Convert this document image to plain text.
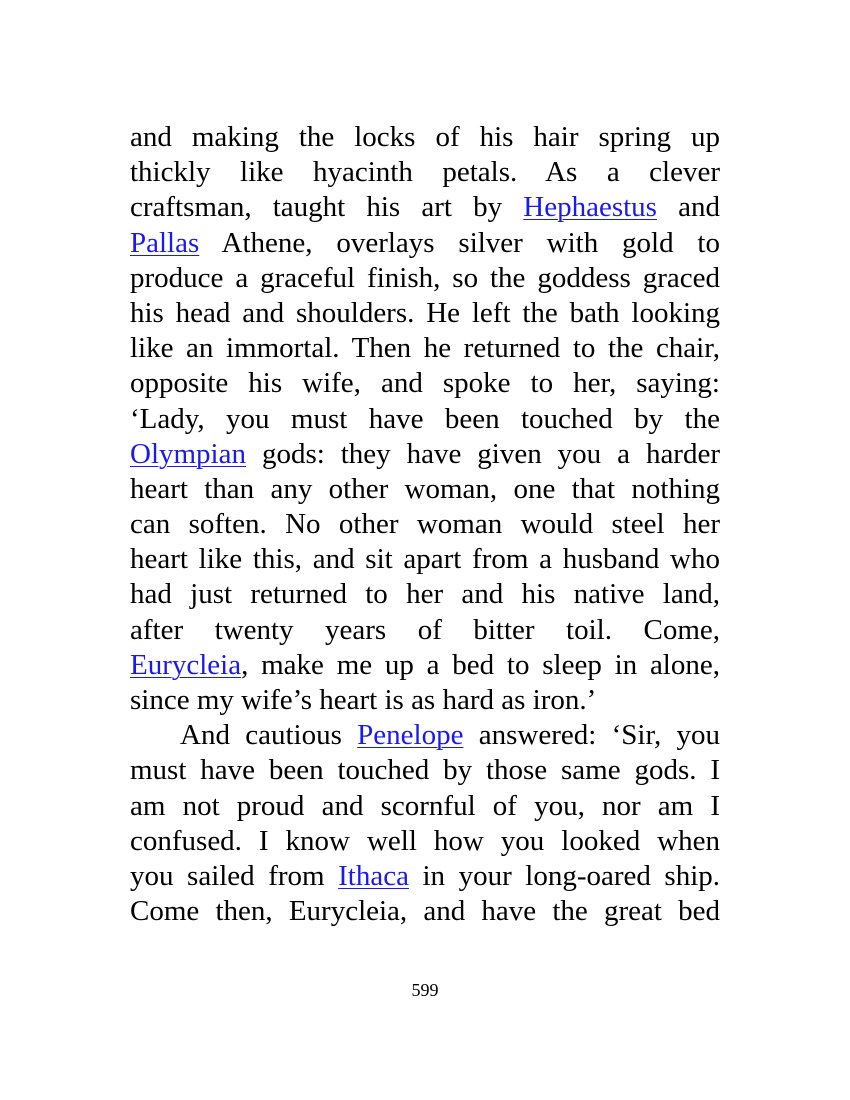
and making the locks of his hair spring up
thickly like hyacinth petals. As a clever
craftsman, taught his art by Hephaestus and
Pallas Athene, overlays silver with gold to
produce a graceful finish, so the goddess graced
his head and shoulders. He left the bath looking
like an immortal. Then he returned to the chair,
opposite his wife, and spoke to her, saying:
‘Lady, you must have been touched by the
Olympian gods: they have given you a harder
heart than any other woman, one that nothing
can soften. No other woman would steel her
heart like this, and sit apart from a husband who
had just returned to her and his native land,
after twenty years of bitter toil. Come,
Eurycleia, make me up a bed to sleep in alone,
since my wife’s heart is as hard as iron.’
And cautious Penelope answered: ‘Sir, you
must have been touched by those same gods. I
am not proud and scornful of you, nor am I
confused. I know well how you looked when
you sailed from Ithaca in your long-oared ship.
Come then, Eurycleia, and have the great bed
599
